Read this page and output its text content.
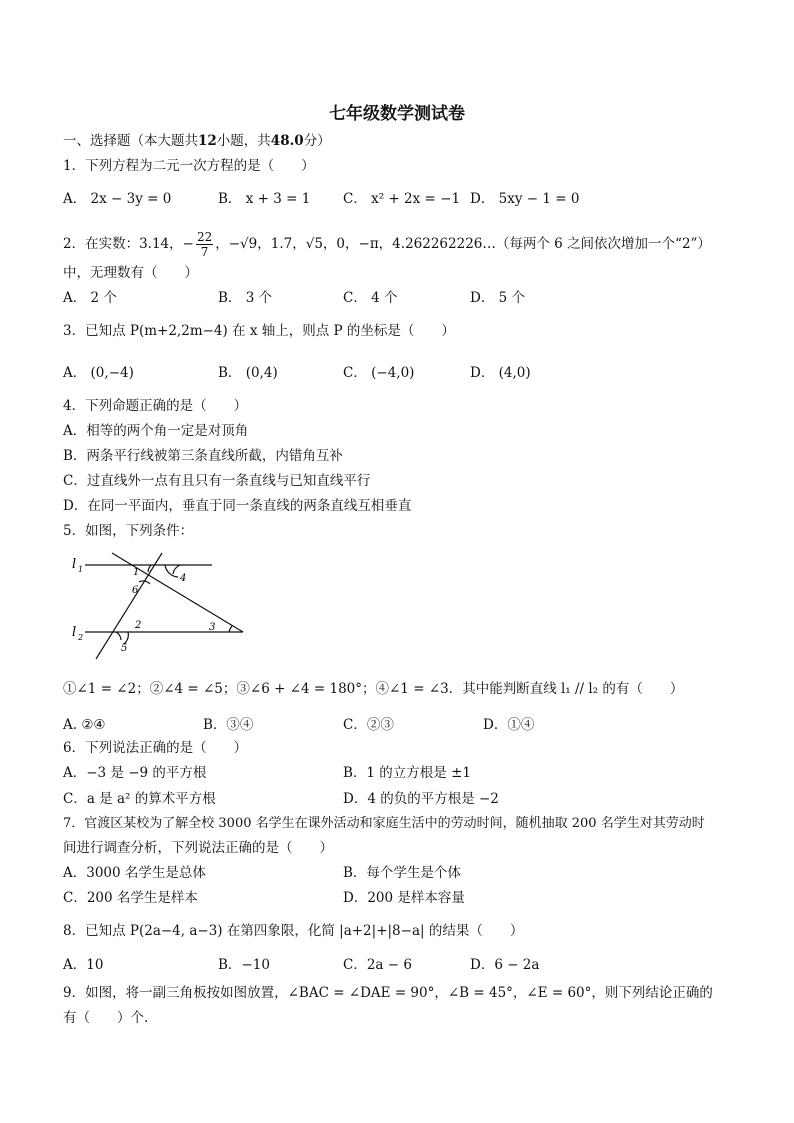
七年级数学测试卷
一、选择题（本大题共12小题，共48.0分）
1．下列方程为二元一次方程的是（　　）
A． 2x − 3y = 0	B． x + 3 = 1 C． x² + 2x = −1 D． 5xy − 1 = 0
2．在实数：3.14，− $\frac{22}{7}$ ，−√9，1.7，√5，0，−π，4.262262226…（每两个 6 之间依次增加一个“2”）
中，无理数有（　　）
A． 2 个	B． 3 个	C． 4 个	D． 5 个
3．已知点 P(m+2,2m−4) 在 x 轴上，则点 P 的坐标是（　　）
A． (0,−4)	B． (0,4)	C． (−4,0)	D． (4,0)
4．下列命题正确的是（　　）
A．相等的两个角一定是对顶角
B．两条平行线被第三条直线所截，内错角互补
C．过直线外一点有且只有一条直线与已知直线平行
D．在同一平面内，垂直于同一条直线的两条直线互相垂直
5．如图，下列条件：
l 1
l 2
1
4
6
2	3
5
①∠1 = ∠2；②∠4 = ∠5；③∠6 + ∠4 = 180°；④∠1 = ∠3．其中能判断直线 l₁ // l₂ 的有（　　）
A. ②④	B．③④	C．②③	D．①④
6．下列说法正确的是（　　）
A．−3 是 −9 的平方根	B．1 的立方根是 ±1
C．a 是 a² 的算术平方根	D．4 的负的平方根是 −2
7．官渡区某校为了解全校 3000 名学生在课外活动和家庭生活中的劳动时间，随机抽取 200 名学生对其劳动时
间进行调查分析，下列说法正确的是（　　）
A．3000 名学生是总体	B．每个学生是个体
C．200 名学生是样本	D．200 是样本容量
8．已知点 P(2a−4, a−3) 在第四象限，化简 |a+2|+|8−a| 的结果（　　）
A．10	B．−10	C．2a − 6	D．6 − 2a
9．如图，将一副三角板按如图放置，∠BAC = ∠DAE = 90°，∠B = 45°，∠E = 60°，则下列结论正确的
有（　　）个.
